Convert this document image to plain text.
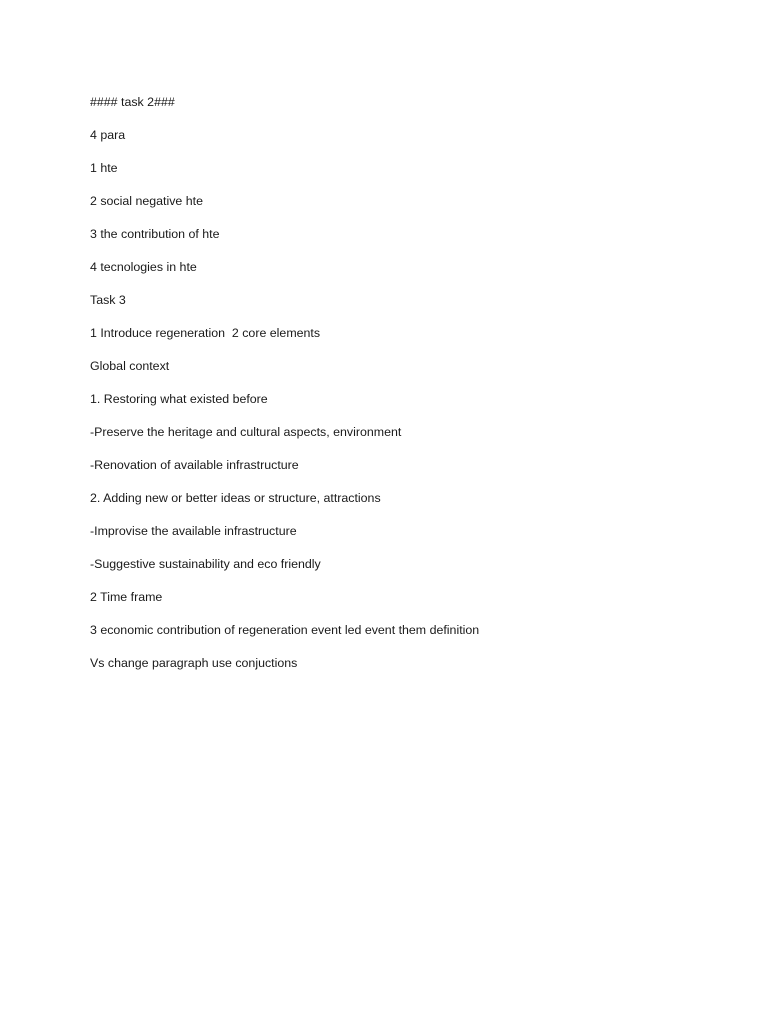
#### task 2###
4 para
1 hte
2 social negative hte
3 the contribution of hte
4 tecnologies in hte
Task 3
1 Introduce regeneration  2 core elements
Global context
1. Restoring what existed before
-Preserve the heritage and cultural aspects, environment
-Renovation of available infrastructure
2. Adding new or better ideas or structure, attractions
-Improvise the available infrastructure
-Suggestive sustainability and eco friendly
2 Time frame
3 economic contribution of regeneration event led event them definition
Vs change paragraph use conjuctions
